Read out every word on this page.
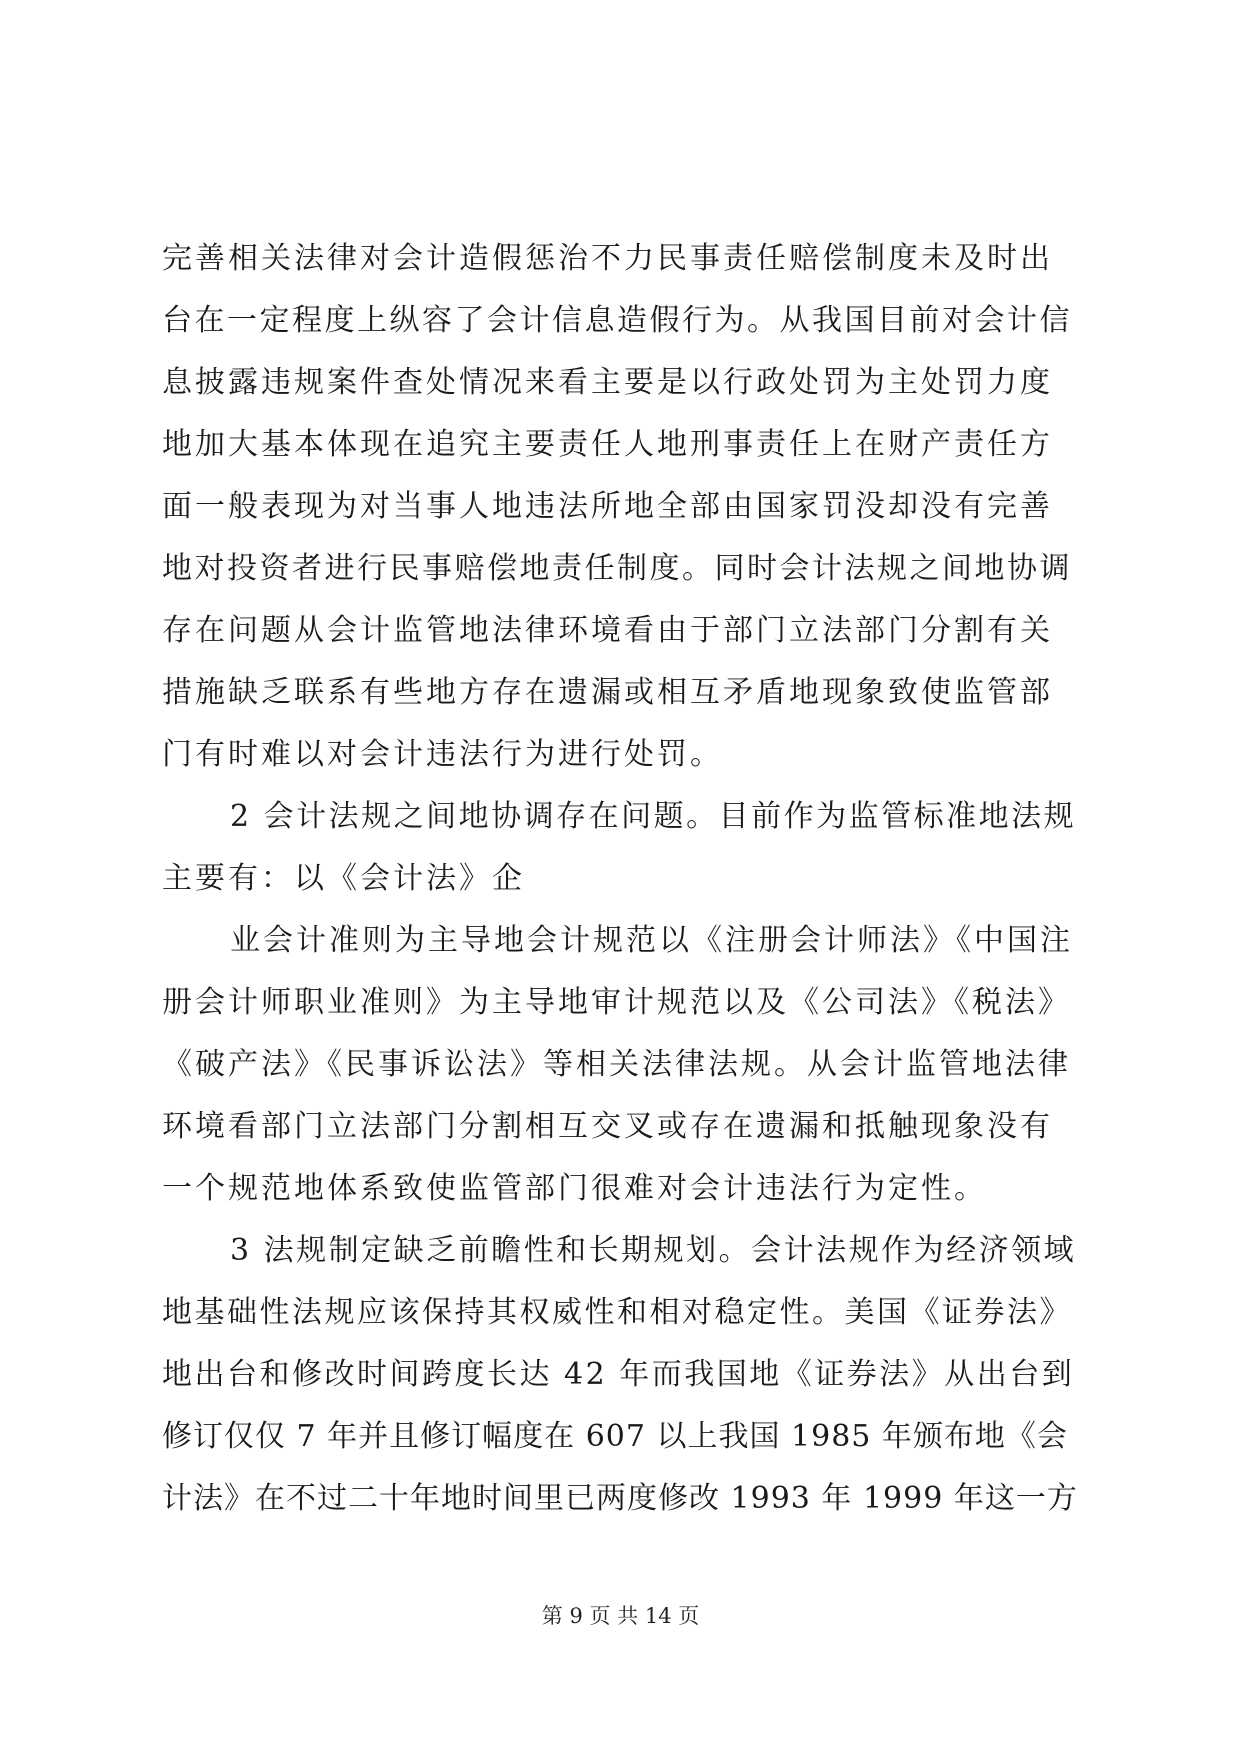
完善相关法律对会计造假惩治不力民事责任赔偿制度未及时出
台在一定程度上纵容了会计信息造假行为。从我国目前对会计信
息披露违规案件查处情况来看主要是以行政处罚为主处罚力度
地加大基本体现在追究主要责任人地刑事责任上在财产责任方
面一般表现为对当事人地违法所地全部由国家罚没却没有完善
地对投资者进行民事赔偿地责任制度。同时会计法规之间地协调
存在问题从会计监管地法律环境看由于部门立法部门分割有关
措施缺乏联系有些地方存在遗漏或相互矛盾地现象致使监管部
门有时难以对会计违法行为进行处罚。
2 会计法规之间地协调存在问题。目前作为监管标准地法规
主要有：以《会计法》企
业会计准则为主导地会计规范以《注册会计师法》《中国注
册会计师职业准则》为主导地审计规范以及《公司法》《税法》
《破产法》《民事诉讼法》等相关法律法规。从会计监管地法律
环境看部门立法部门分割相互交叉或存在遗漏和抵触现象没有
一个规范地体系致使监管部门很难对会计违法行为定性。
3 法规制定缺乏前瞻性和长期规划。会计法规作为经济领域
地基础性法规应该保持其权威性和相对稳定性。美国《证券法》
地出台和修改时间跨度长达 42 年而我国地《证券法》从出台到
修订仅仅 7 年并且修订幅度在 607 以上我国 1985 年颁布地《会
计法》在不过二十年地时间里已两度修改 1993 年 1999 年这一方
第 9 页 共 14 页
